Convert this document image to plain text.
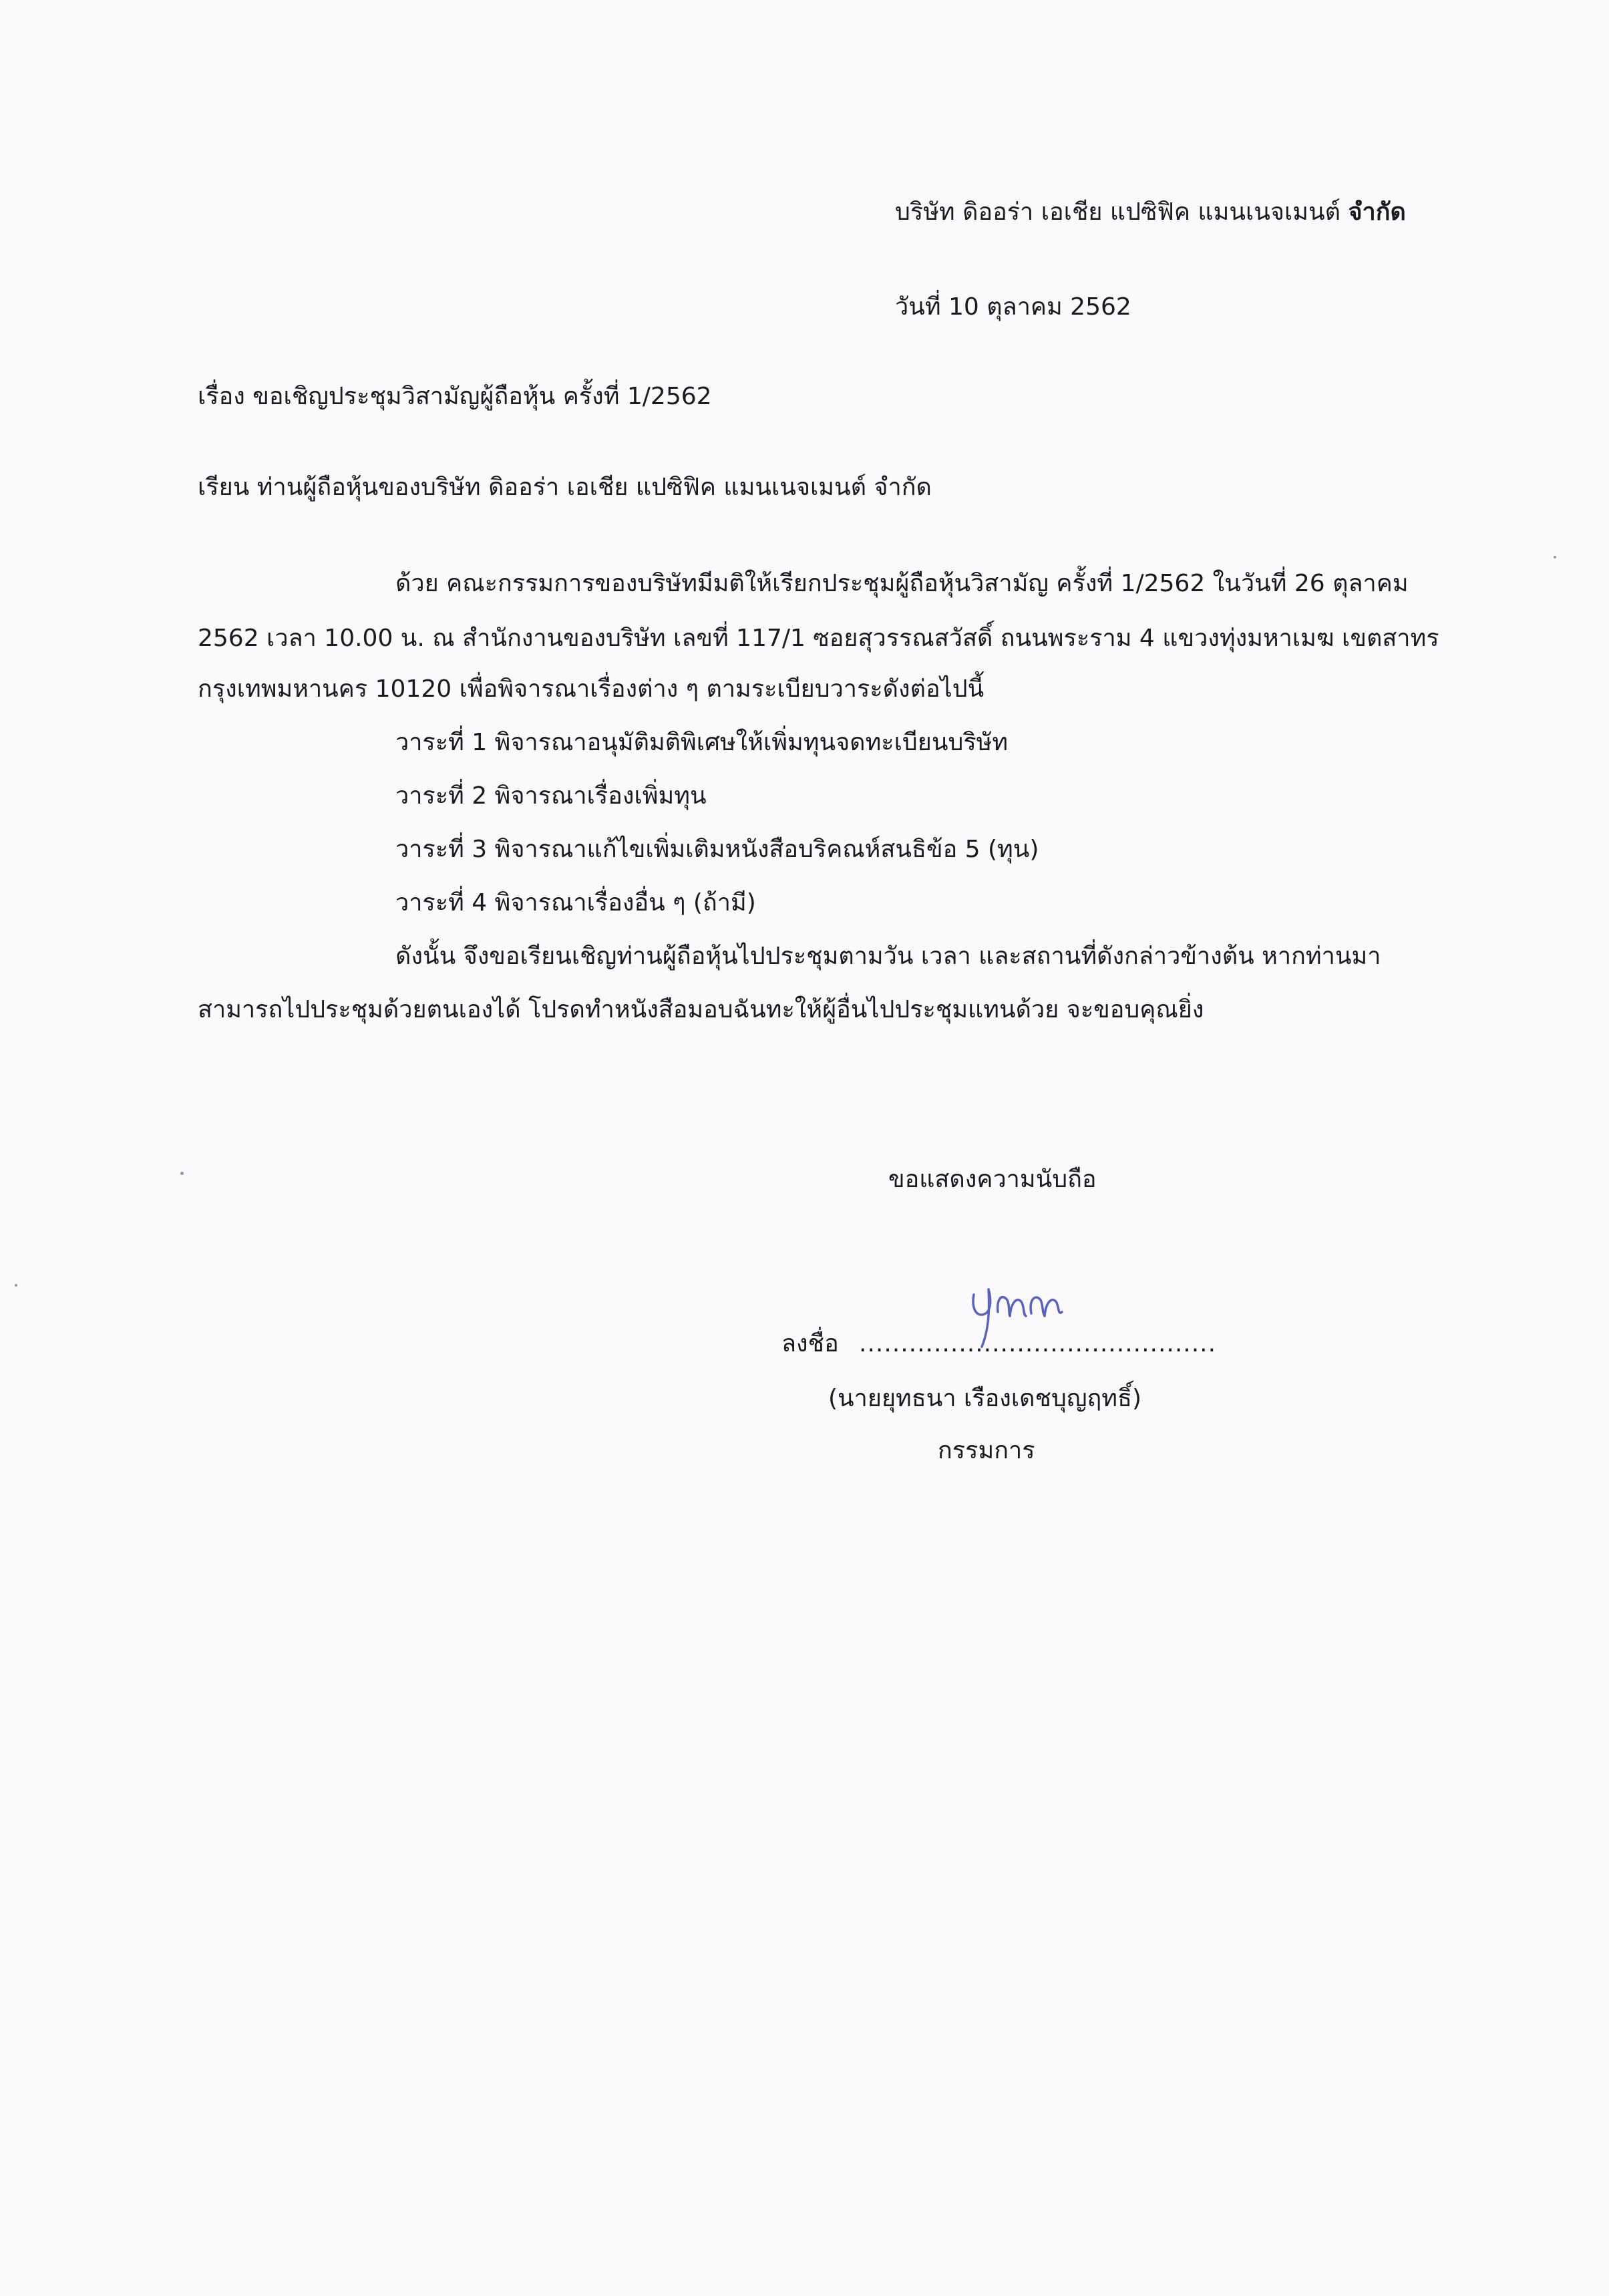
บริษัท ดิออร่า เอเชีย แปซิฟิค แมนเนจเมนต์ จำกัด
วันที่ 10 ตุลาคม 2562
เรื่อง ขอเชิญประชุมวิสามัญผู้ถือหุ้น ครั้งที่ 1/2562
เรียน ท่านผู้ถือหุ้นของบริษัท ดิออร่า เอเชีย แปซิฟิค แมนเนจเมนต์ จำกัด
ด้วย คณะกรรมการของบริษัทมีมติให้เรียกประชุมผู้ถือหุ้นวิสามัญ ครั้งที่ 1/2562 ในวันที่ 26 ตุลาคม
2562 เวลา 10.00 น. ณ สำนักงานของบริษัท เลขที่ 117/1 ซอยสุวรรณสวัสดิ์ ถนนพระราม 4 แขวงทุ่งมหาเมฆ เขตสาทร
กรุงเทพมหานคร 10120 เพื่อพิจารณาเรื่องต่าง ๆ ตามระเบียบวาระดังต่อไปนี้
วาระที่ 1 พิจารณาอนุมัติมติพิเศษให้เพิ่มทุนจดทะเบียนบริษัท
วาระที่ 2 พิจารณาเรื่องเพิ่มทุน
วาระที่ 3 พิจารณาแก้ไขเพิ่มเติมหนังสือบริคณห์สนธิข้อ 5 (ทุน)
วาระที่ 4 พิจารณาเรื่องอื่น ๆ (ถ้ามี)
ดังนั้น จึงขอเรียนเชิญท่านผู้ถือหุ้นไปประชุมตามวัน เวลา และสถานที่ดังกล่าวข้างต้น หากท่านมา
สามารถไปประชุมด้วยตนเองได้ โปรดทำหนังสือมอบฉันทะให้ผู้อื่นไปประชุมแทนด้วย จะขอบคุณยิ่ง
ขอแสดงความนับถือ
ลงชื่อ ...........................................
(นายยุทธนา เรืองเดชบุญฤทธิ์)
กรรมการ
